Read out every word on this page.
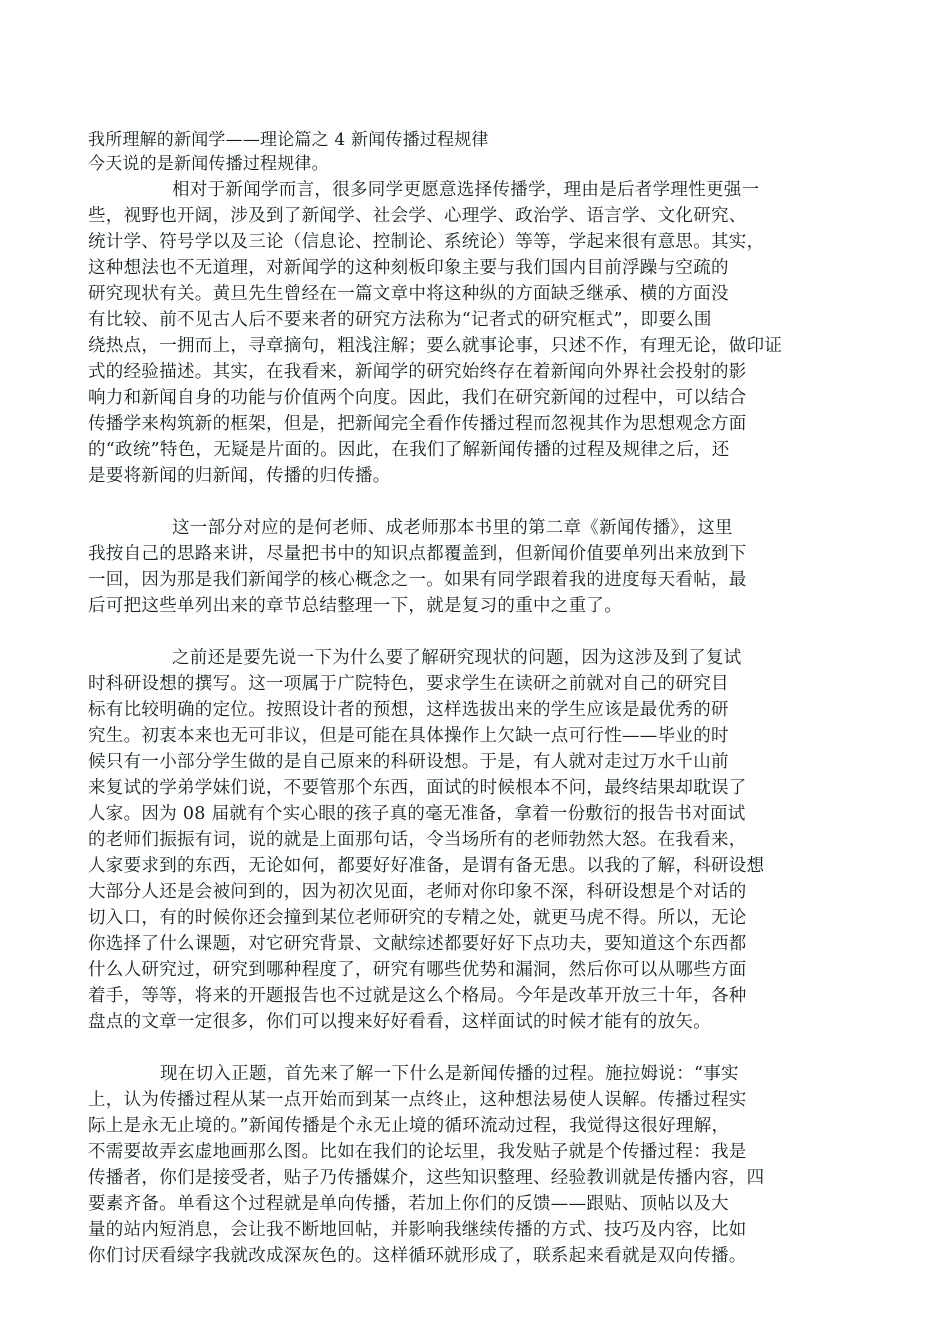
我所理解的新闻学——理论篇之 4 新闻传播过程规律

今天说的是新闻传播过程规律。

相对于新闻学而言，很多同学更愿意选择传播学，理由是后者学理性更强一
些，视野也开阔，涉及到了新闻学、社会学、心理学、政治学、语言学、文化研究、
统计学、符号学以及三论（信息论、控制论、系统论）等等，学起来很有意思。其实，
这种想法也不无道理，对新闻学的这种刻板印象主要与我们国内目前浮躁与空疏的
研究现状有关。黄旦先生曾经在一篇文章中将这种纵的方面缺乏继承、横的方面没
有比较、前不见古人后不要来者的研究方法称为“记者式的研究框式”，即要么围
绕热点，一拥而上，寻章摘句，粗浅注解；要么就事论事，只述不作，有理无论，做印证
式的经验描述。其实，在我看来，新闻学的研究始终存在着新闻向外界社会投射的影
响力和新闻自身的功能与价值两个向度。因此，我们在研究新闻的过程中，可以结合
传播学来构筑新的框架，但是，把新闻完全看作传播过程而忽视其作为思想观念方面
的“政统”特色，无疑是片面的。因此，在我们了解新闻传播的过程及规律之后，还
是要将新闻的归新闻，传播的归传播。
这一部分对应的是何老师、成老师那本书里的第二章《新闻传播》，这里
我按自己的思路来讲，尽量把书中的知识点都覆盖到，但新闻价值要单列出来放到下
一回，因为那是我们新闻学的核心概念之一。如果有同学跟着我的进度每天看帖，最
后可把这些单列出来的章节总结整理一下，就是复习的重中之重了。
之前还是要先说一下为什么要了解研究现状的问题，因为这涉及到了复试
时科研设想的撰写。这一项属于广院特色，要求学生在读研之前就对自己的研究目
标有比较明确的定位。按照设计者的预想，这样选拔出来的学生应该是最优秀的研
究生。初衷本来也无可非议，但是可能在具体操作上欠缺一点可行性——毕业的时
候只有一小部分学生做的是自己原来的科研设想。于是，有人就对走过万水千山前
来复试的学弟学妹们说，不要管那个东西，面试的时候根本不问，最终结果却耽误了
人家。因为 08 届就有个实心眼的孩子真的毫无准备，拿着一份敷衍的报告书对面试
的老师们振振有词，说的就是上面那句话，令当场所有的老师勃然大怒。在我看来，
人家要求到的东西，无论如何，都要好好准备，是谓有备无患。以我的了解，科研设想
大部分人还是会被问到的，因为初次见面，老师对你印象不深，科研设想是个对话的
切入口，有的时候你还会撞到某位老师研究的专精之处，就更马虎不得。所以，无论
你选择了什么课题，对它研究背景、文献综述都要好好下点功夫，要知道这个东西都
什么人研究过，研究到哪种程度了，研究有哪些优势和漏洞，然后你可以从哪些方面
着手，等等，将来的开题报告也不过就是这么个格局。今年是改革开放三十年，各种
盘点的文章一定很多，你们可以搜来好好看看，这样面试的时候才能有的放矢。
现在切入正题，首先来了解一下什么是新闻传播的过程。施拉姆说：“事实
上，认为传播过程从某一点开始而到某一点终止，这种想法易使人误解。传播过程实
际上是永无止境的。”新闻传播是个永无止境的循环流动过程，我觉得这很好理解，
不需要故弄玄虚地画那么图。比如在我们的论坛里，我发贴子就是个传播过程：我是
传播者，你们是接受者，贴子乃传播媒介，这些知识整理、经验教训就是传播内容，四
要素齐备。单看这个过程就是单向传播，若加上你们的反馈——跟贴、顶帖以及大
量的站内短消息，会让我不断地回帖，并影响我继续传播的方式、技巧及内容，比如
你们讨厌看绿字我就改成深灰色的。这样循环就形成了，联系起来看就是双向传播。
